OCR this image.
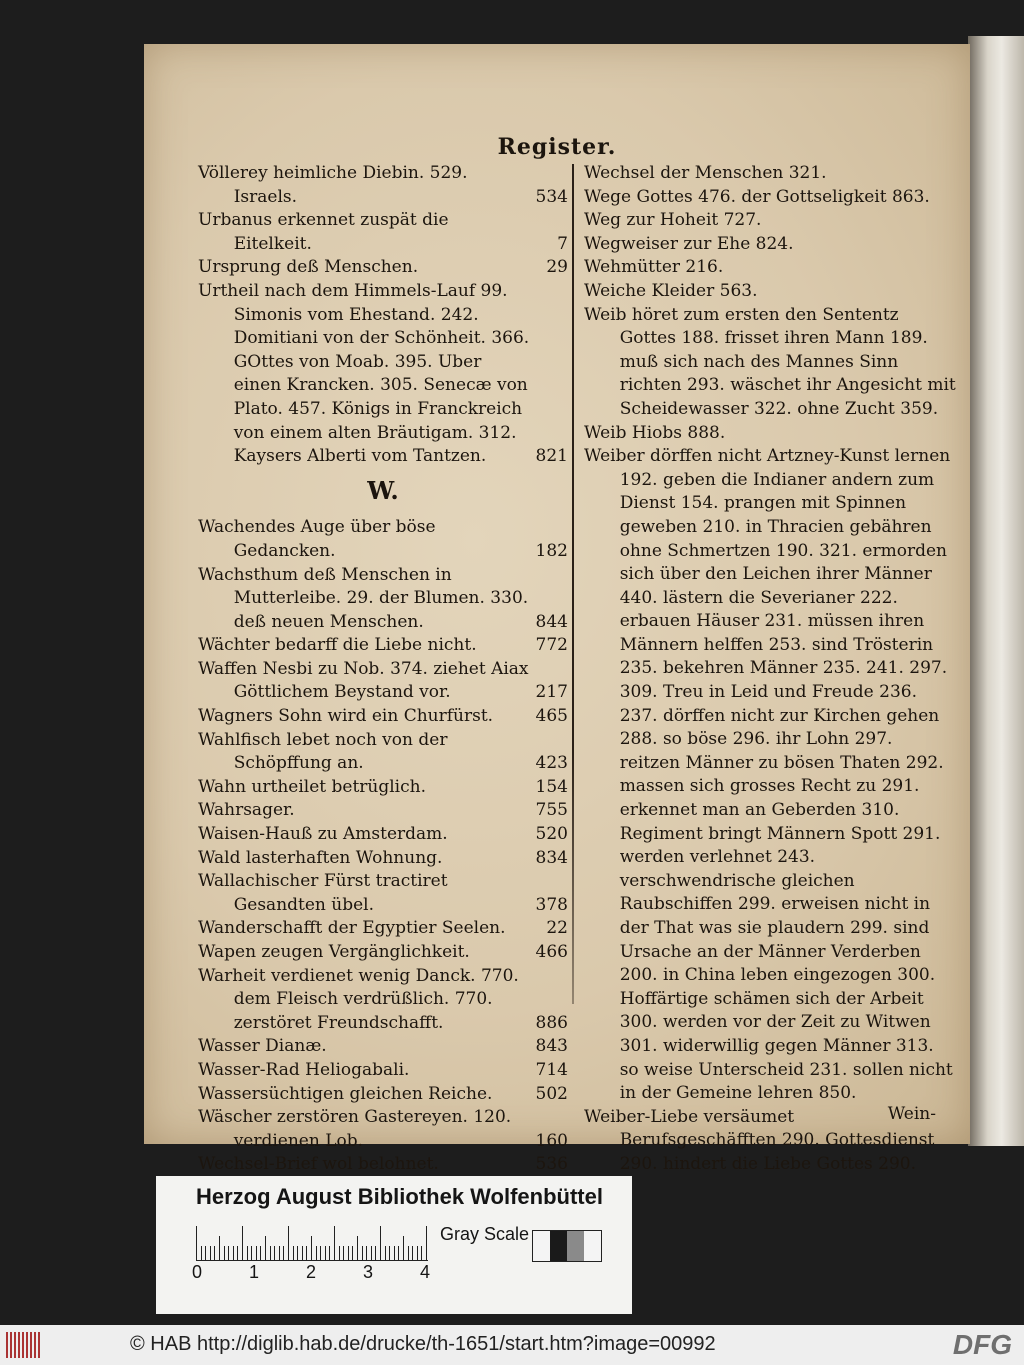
Register.
Völlerey heimliche Diebin. 529. Israels.	534
Urbanus erkennet zuspät die Eitelkeit.	7
Ursprung deß Menschen.	29
Urtheil nach dem Himmels-Lauf 99. Simonis vom Ehestand. 242. Domitiani von der Schönheit. 366. GOttes von Moab. 395. Uber einen Krancken. 305. Senecæ von Plato. 457. Königs in Franckreich von einem alten Bräutigam. 312. Kaysers Alberti vom Tantzen.	821
W.
Wachendes Auge über böse Gedancken.	182
Wachsthum deß Menschen in Mutterleibe. 29. der Blumen. 330. deß neuen Menschen.	844
Wächter bedarff die Liebe nicht.	772
Waffen Nesbi zu Nob. 374. ziehet Aiax Göttlichem Beystand vor.	217
Wagners Sohn wird ein Churfürst.	465
Wahlfisch lebet noch von der Schöpffung an.	423
Wahn urtheilet betrüglich.	154
Wahrsager.	755
Waisen-Hauß zu Amsterdam.	520
Wald lasterhaften Wohnung.	834
Wallachischer Fürst tractiret Gesandten übel.	378
Wanderschafft der Egyptier Seelen.	22
Wapen zeugen Vergänglichkeit.	466
Warheit verdienet wenig Danck. 770. dem Fleisch verdrüßlich. 770. zerstöret Freundschafft.	886
Wasser Dianæ.	843
Wasser-Rad Heliogabali.	714
Wassersüchtigen gleichen Reiche.	502
Wäscher zerstören Gastereyen. 120. verdienen Lob.	160
Wechsel-Brief wol belohnet.	536
Wechsel der Menschen 321.
Wege Gottes 476. der Gottseligkeit 863.
Weg zur Hoheit 727.
Wegweiser zur Ehe 824.
Wehmütter 216.
Weiche Kleider 563.
Weib höret zum ersten den Sententz Gottes 188. frisset ihren Mann 189. muß sich nach des Mannes Sinn richten 293. wäschet ihr Angesicht mit Scheidewasser 322. ohne Zucht 359.
Weib Hiobs 888.
Weiber dörffen nicht Artzney-Kunst lernen 192. geben die Indianer andern zum Dienst 154. prangen mit Spinnen geweben 210. in Thracien gebähren ohne Schmertzen 190. 321. ermorden sich über den Leichen ihrer Männer 440. lästern die Severianer 222. erbauen Häuser 231. müssen ihren Männern helffen 253. sind Trösterin 235. bekehren Männer 235. 241. 297. 309. Treu in Leid und Freude 236. 237. dörffen nicht zur Kirchen gehen 288. so böse 296. ihr Lohn 297. reitzen Männer zu bösen Thaten 292. massen sich grosses Recht zu 291. erkennet man an Geberden 310. Regiment bringt Männern Spott 291. werden verlehnet 243. verschwendrische gleichen Raubschiffen 299. erweisen nicht in der That was sie plaudern 299. sind Ursache an der Männer Verderben 200. in China leben eingezogen 300. Hoffärtige schämen sich der Arbeit 300. werden vor der Zeit zu Witwen 301. widerwillig gegen Männer 313. so weise Unterscheid 231. sollen nicht in der Gemeine lehren 850.
Weiber-Liebe versäumet Berufsgeschäfften 290. Gottesdienst 290. hindert die Liebe Gottes 290.
Wein-
Herzog August Bibliothek Wolfenbüttel
0	1	2	3	4
Gray Scale
© HAB http://diglib.hab.de/drucke/th-1651/start.htm?image=00992	DFG
